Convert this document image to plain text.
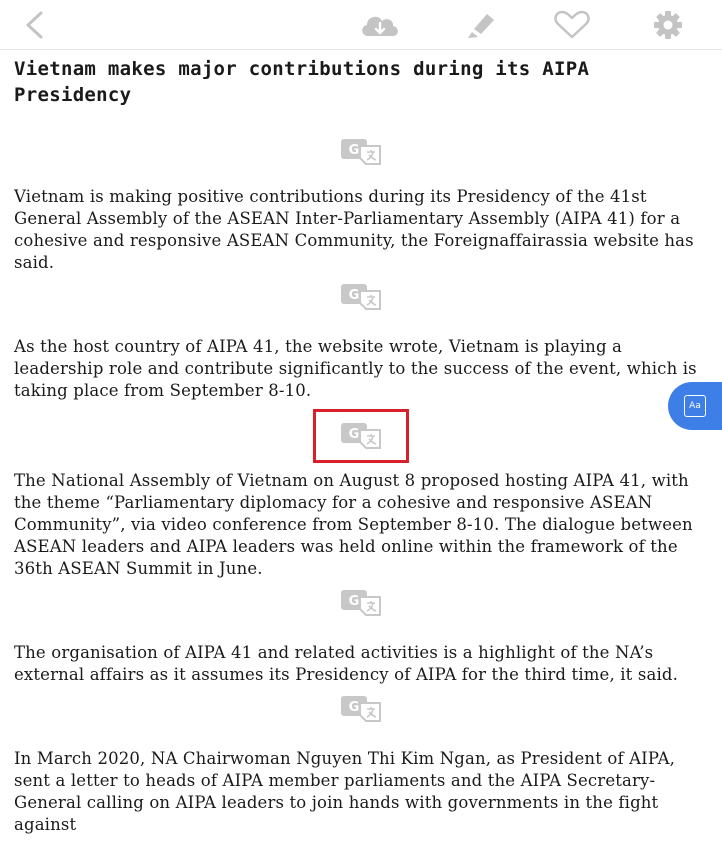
Vietnam makes major contributions during its AIPA Presidency
G

Vietnam is making positive contributions during its Presidency of the 41st General Assembly of the ASEAN Inter-Parliamentary Assembly (AIPA 41) for a cohesive and responsive ASEAN Community, the Foreignaffairassia website has said.

G

As the host country of AIPA 41, the website wrote, Vietnam is playing a leadership role and contribute significantly to the success of the event, which is taking place from September 8-10.

G

The National Assembly of Vietnam on August 8 proposed hosting AIPA 41, with the theme “Parliamentary diplomacy for a cohesive and responsive ASEAN Community”, via video conference from September 8-10. The dialogue between ASEAN leaders and AIPA leaders was held online within the framework of the 36th ASEAN Summit in June.

G

The organisation of AIPA 41 and related activities is a highlight of the NA’s external affairs as it assumes its Presidency of AIPA for the third time, it said.

G

In March 2020, NA Chairwoman Nguyen Thi Kim Ngan, as President of AIPA, sent a letter to heads of AIPA member parliaments and the AIPA Secretary-General calling on AIPA leaders to join hands with governments in the fight against

Aa
